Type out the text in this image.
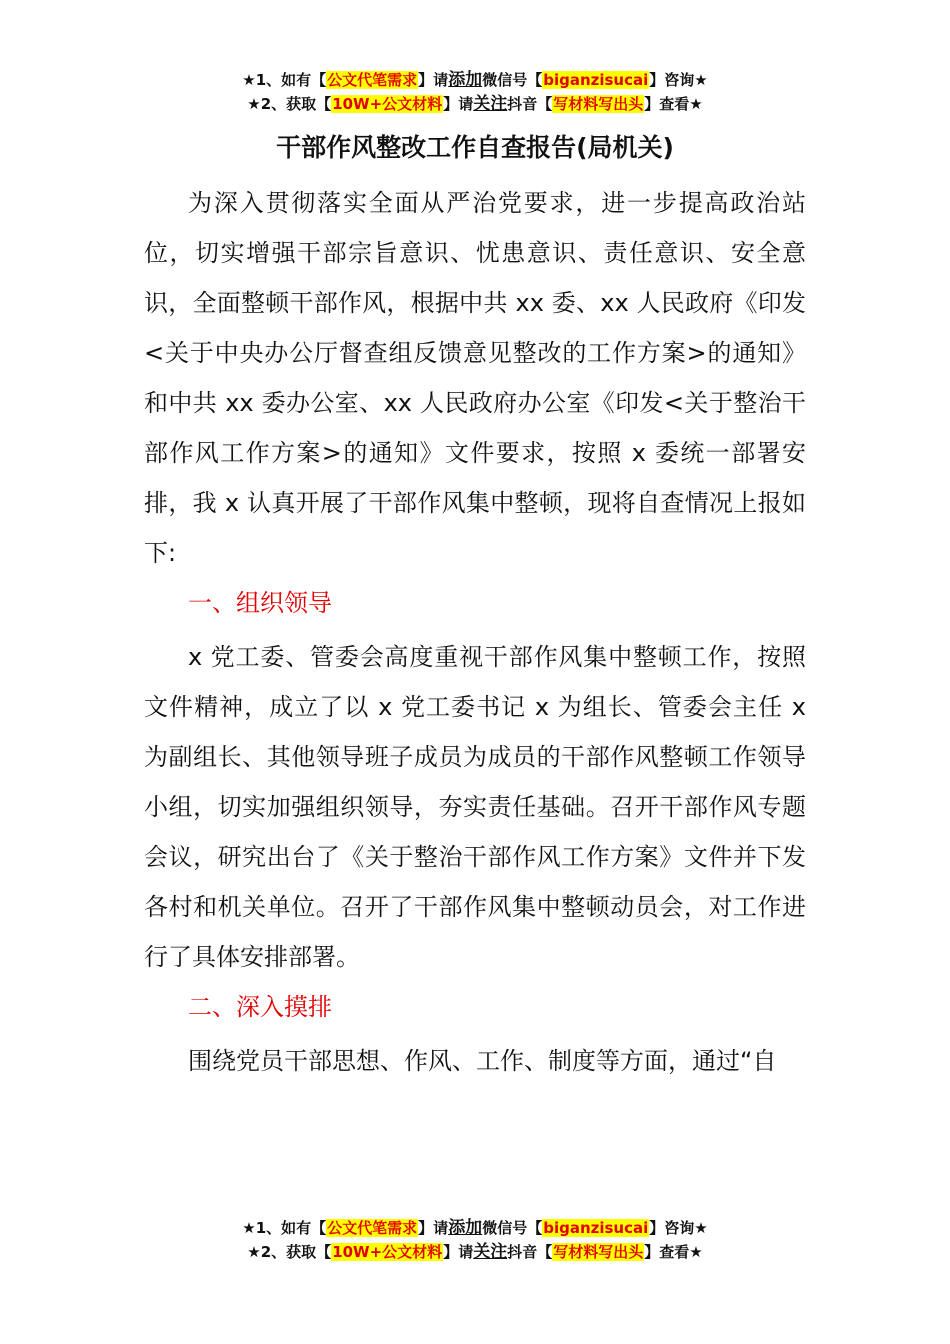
★1、如有【公文代笔需求】请添加微信号【biganzisucai】咨询★
★2、获取【10W+公文材料】请关注抖音【写材料写出头】查看★
干部作风整改工作自查报告(局机关)

为深入贯彻落实全面从严治党要求，进一步提高政治站位，切实增强干部宗旨意识、忧患意识、责任意识、安全意识，全面整顿干部作风，根据中共 xx 委、xx 人民政府《印发<关于中央办公厅督查组反馈意见整改的工作方案>的通知》和中共 xx 委办公室、xx 人民政府办公室《印发<关于整治干部作风工作方案>的通知》文件要求，按照 x 委统一部署安排，我 x 认真开展了干部作风集中整顿，现将自查情况上报如下:

一、组织领导

x 党工委、管委会高度重视干部作风集中整顿工作，按照文件精神，成立了以 x 党工委书记 x 为组长、管委会主任 x 为副组长、其他领导班子成员为成员的干部作风整顿工作领导小组，切实加强组织领导，夯实责任基础。召开干部作风专题会议，研究出台了《关于整治干部作风工作方案》文件并下发各村和机关单位。召开了干部作风集中整顿动员会，对工作进行了具体安排部署。

二、深入摸排

围绕党员干部思想、作风、工作、制度等方面，通过“自

★1、如有【公文代笔需求】请添加微信号【biganzisucai】咨询★
★2、获取【10W+公文材料】请关注抖音【写材料写出头】查看★
